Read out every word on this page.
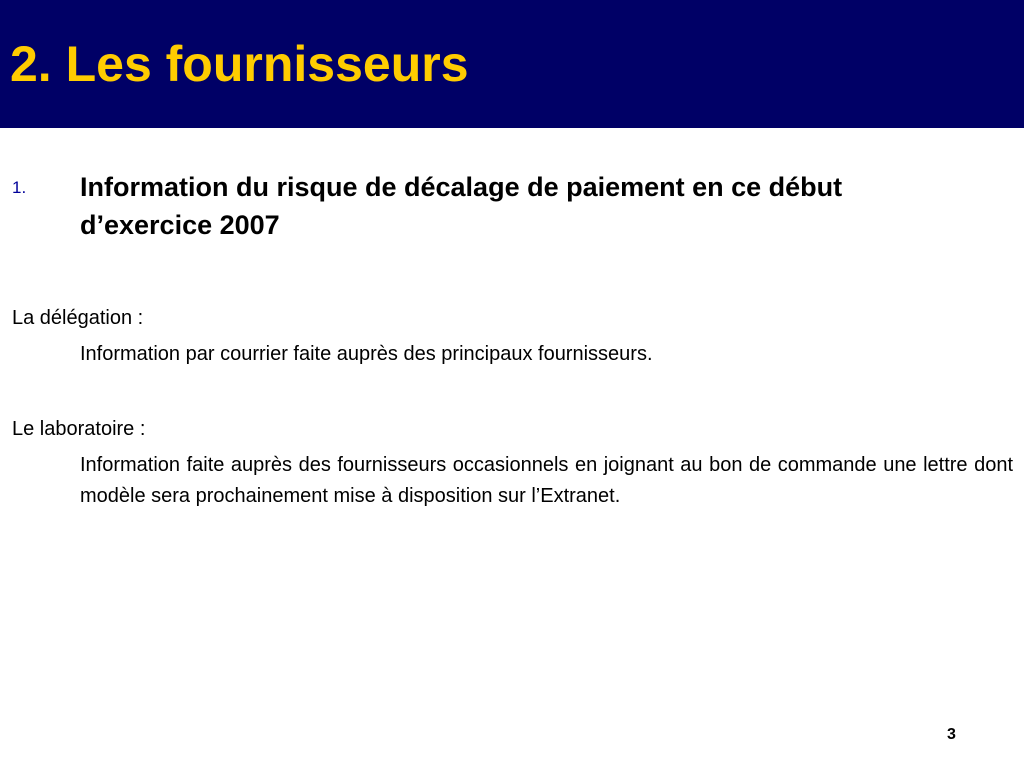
2. Les fournisseurs
1. Information du risque de décalage de paiement en ce début d’exercice 2007

La délégation :

Information par courrier faite auprès des principaux fournisseurs.

Le laboratoire :

Information faite auprès des fournisseurs occasionnels en joignant au bon de commande une lettre dont modèle sera prochainement mise à disposition sur l’Extranet.

3
